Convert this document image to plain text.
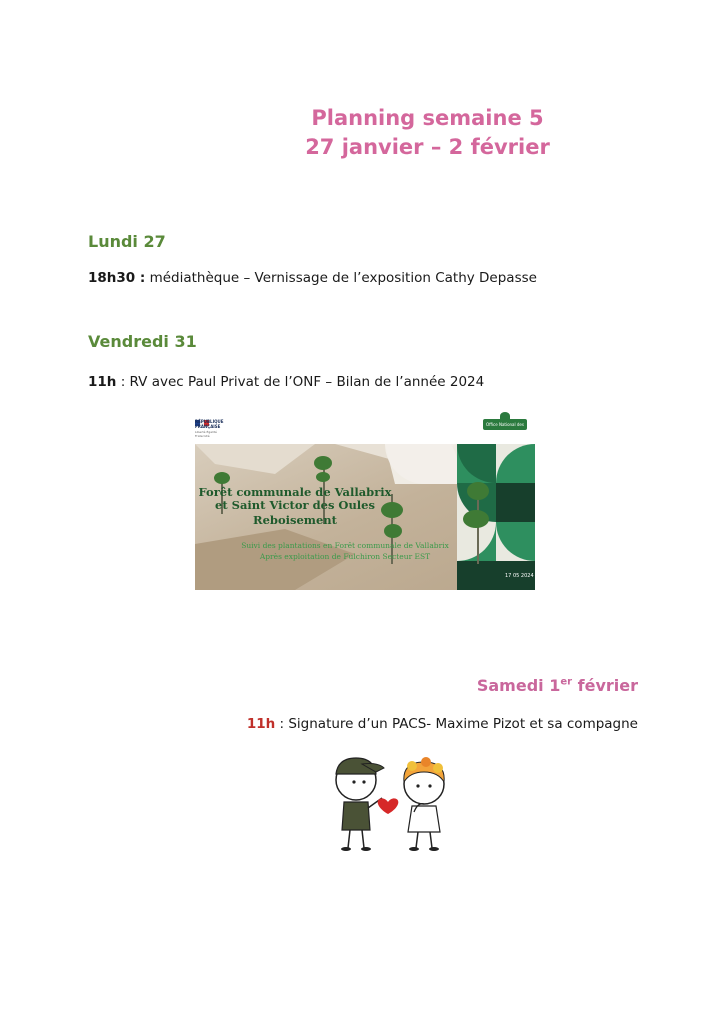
Planning semaine 5
27 janvier – 2 février
Lundi 27
18h30 : médiathèque – Vernissage de l’exposition Cathy Depasse
Vendredi 31
11h : RV avec Paul Privat de l’ONF – Bilan de l’année 2024
RÉPUBLIQUE FRANÇAISE
Liberté Égalité Fraternité
Office National des Forêts
Forêt communale de Vallabrix et Saint Victor des Oules
Reboisement
Suivi des plantations en Forêt communale de Vallabrix
Après exploitation de Fulchiron Secteur EST
17 05 2024
Samedi 1er février
11h : Signature d’un PACS- Maxime Pizot et sa compagne
